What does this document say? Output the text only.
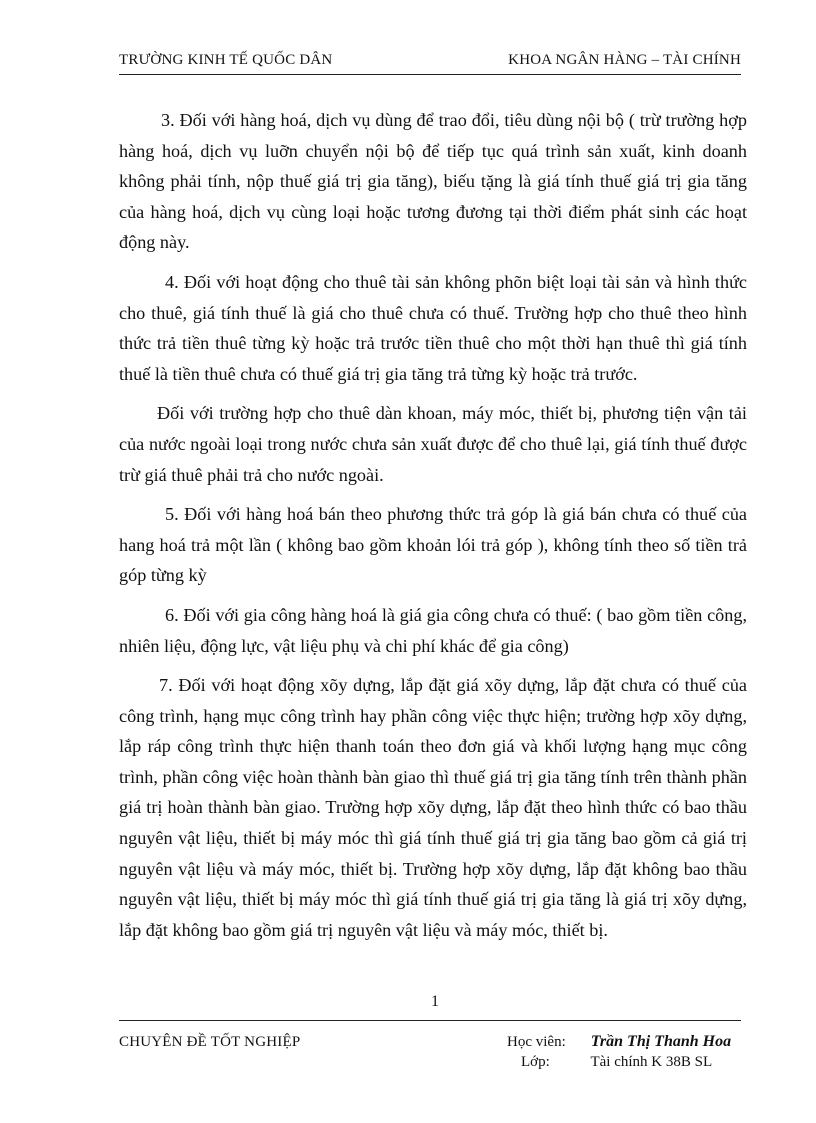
TRƯỜNG KINH TẾ QUỐC DÂN	KHOA NGÂN HÀNG – TÀI CHÍNH

3. Đối với hàng hoá, dịch vụ dùng để trao đổi, tiêu dùng nội bộ ( trừ trường hợp hàng hoá, dịch vụ luỡn chuyển nội bộ để tiếp tục quá trình sản xuất, kinh doanh không phải tính, nộp thuế giá trị gia tăng), biếu tặng là giá tính thuế giá trị gia tăng của hàng hoá, dịch vụ cùng loại hoặc tương đương tại thời điểm phát sinh các hoạt động này.

4. Đối với hoạt động cho thuê tài sản không phõn biệt loại tài sản và hình thức cho thuê, giá tính thuế là giá cho thuê chưa có thuế. Trường hợp cho thuê theo hình thức trả tiền thuê từng kỳ hoặc trả trước tiền thuê cho một thời hạn thuê thì giá tính thuế là tiền thuê chưa có thuế giá trị gia tăng trả từng kỳ hoặc trả trước.

Đối với trường hợp cho thuê dàn khoan, máy móc, thiết bị, phương tiện vận tải của nước ngoài loại trong nước chưa sản xuất được để cho thuê lại, giá tính thuế được trừ giá thuê phải trả cho nước ngoài.

5. Đối với hàng hoá bán theo phương thức trả góp là giá bán chưa có thuế của hang hoá trả một lần ( không bao gồm khoản lói trả góp ), không tính theo số tiền trả góp từng kỳ

6. Đối với gia công hàng hoá là giá gia công chưa có thuế: ( bao gồm tiền công, nhiên liệu, động lực, vật liệu phụ và chi phí khác để gia công)

7. Đối với hoạt động xõy dựng, lắp đặt giá xõy dựng, lắp đặt chưa có thuế của công trình, hạng mục công trình hay phần công việc thực hiện; trường hợp xõy dựng, lắp ráp công trình thực hiện thanh toán theo đơn giá và khối lượng hạng mục công trình, phần công việc hoàn thành bàn giao thì thuế giá trị gia tăng tính trên thành phần giá trị hoàn thành bàn giao. Trường hợp xõy dựng, lắp đặt theo hình thức có bao thầu nguyên vật liệu, thiết bị máy móc thì giá tính thuế giá trị gia tăng bao gồm cả giá trị nguyên vật liệu và máy móc, thiết bị. Trường hợp xõy dựng, lắp đặt không bao thầu nguyên vật liệu, thiết bị máy móc thì giá tính thuế giá trị gia tăng là giá trị xõy dựng, lắp đặt không bao gồm giá trị nguyên vật liệu và máy móc, thiết bị.

1
CHUYÊN ĐỀ TỐT NGHIỆP	Học viên: Trần Thị Thanh Hoa
Lớp:	Tài chính K 38B SL
